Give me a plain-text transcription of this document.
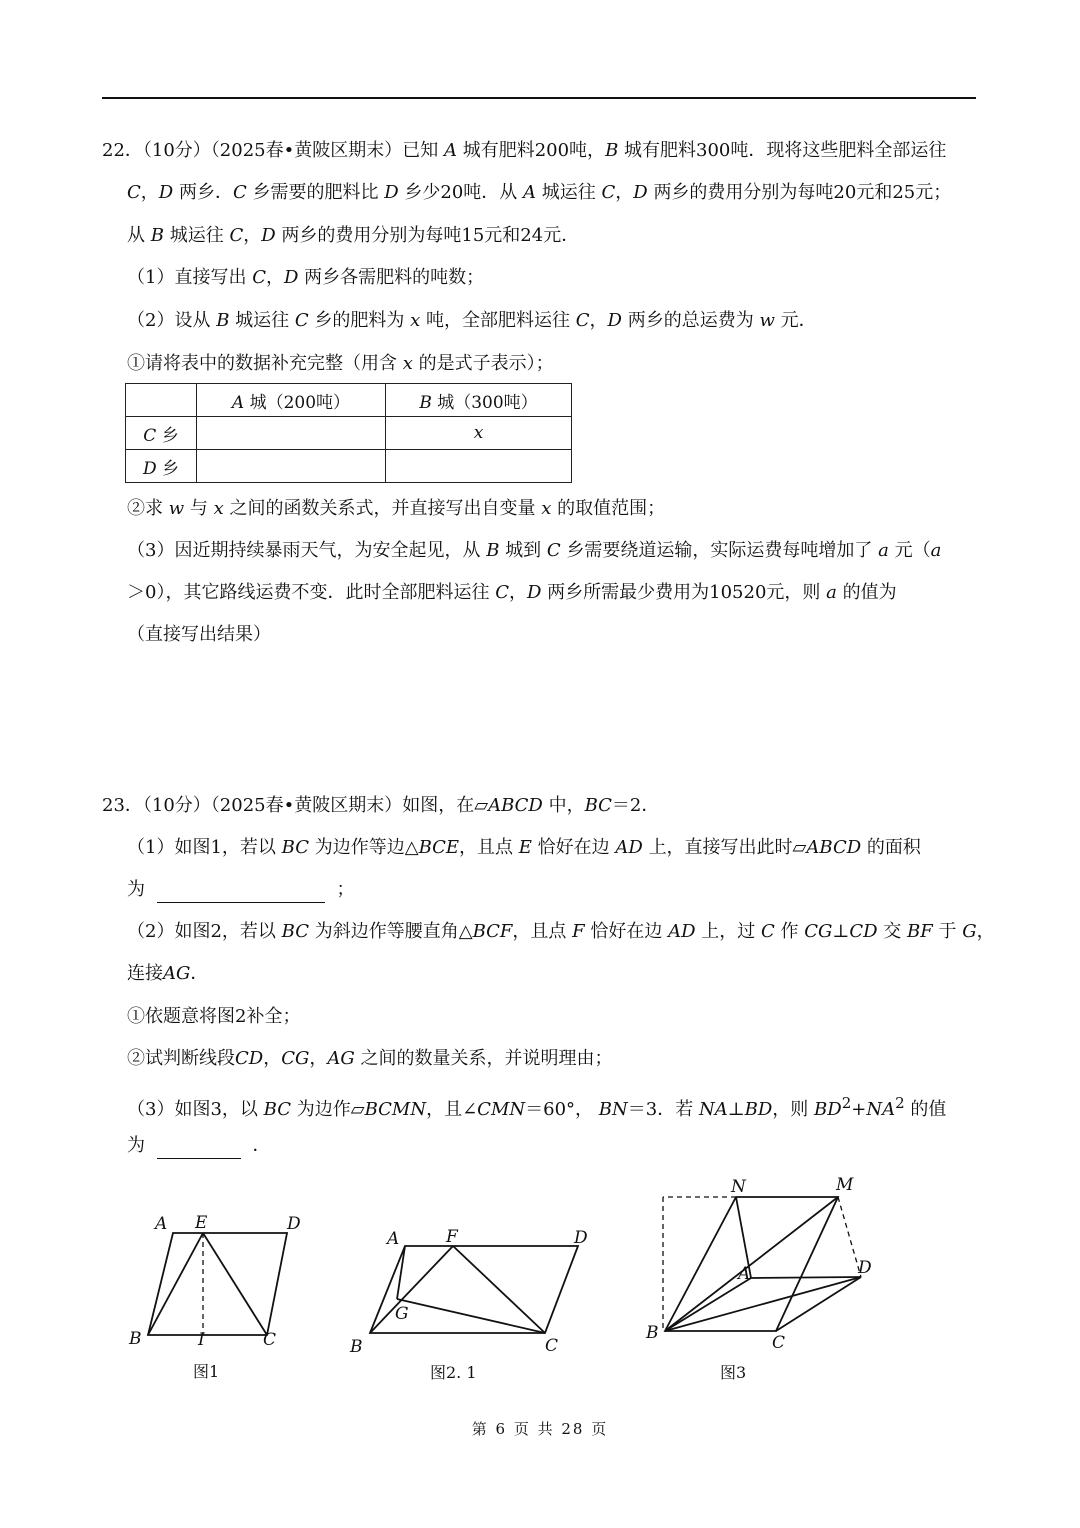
22．（10分）（2025春•黄陂区期末）已知 A 城有肥料200吨，B 城有肥料300吨．现将这些肥料全部运往
C，D 两乡．C 乡需要的肥料比 D 乡少20吨．从 A 城运往 C，D 两乡的费用分别为每吨20元和25元；
从 B 城运往 C，D 两乡的费用分别为每吨15元和24元．
（1）直接写出 C，D 两乡各需肥料的吨数；
（2）设从 B 城运往 C 乡的肥料为 x 吨，全部肥料运往 C，D 两乡的总运费为 w 元．
①请将表中的数据补充完整（用含 x 的是式子表示）；
	A 城（200吨）	B 城（300吨）
C 乡		x
D 乡		
②求 w 与 x 之间的函数关系式，并直接写出自变量 x 的取值范围；
（3）因近期持续暴雨天气，为安全起见，从 B 城到 C 乡需要绕道运输，实际运费每吨增加了 a 元（a
＞0），其它路线运费不变．此时全部肥料运往 C，D 两乡所需最少费用为10520元，则 a 的值为
（直接写出结果）
23．（10分）（2025春•黄陂区期末）如图，在▱ABCD 中，BC＝2．
（1）如图1，若以 BC 为边作等边△BCE，且点 E 恰好在边 AD 上，直接写出此时▱ABCD 的面积
为	；
（2）如图2，若以 BC 为斜边作等腰直角△BCF，且点 F 恰好在边 AD 上，过 C 作 CG⊥CD 交 BF 于 G，
连接AG．
①依题意将图2补全；
②试判断线段CD，CG，AG 之间的数量关系，并说明理由；
（3）如图3，以 BC 为边作▱BCMN，且∠CMN＝60°， BN＝3．若 NA⊥BD，则 $BD^2+NA^2$ 的值
为	．
A E	D
B	I	C
图1
A	F	D
G
B	C
图2. 1
N	M
A	D
B	C
图3
第 6 页 共 28 页
